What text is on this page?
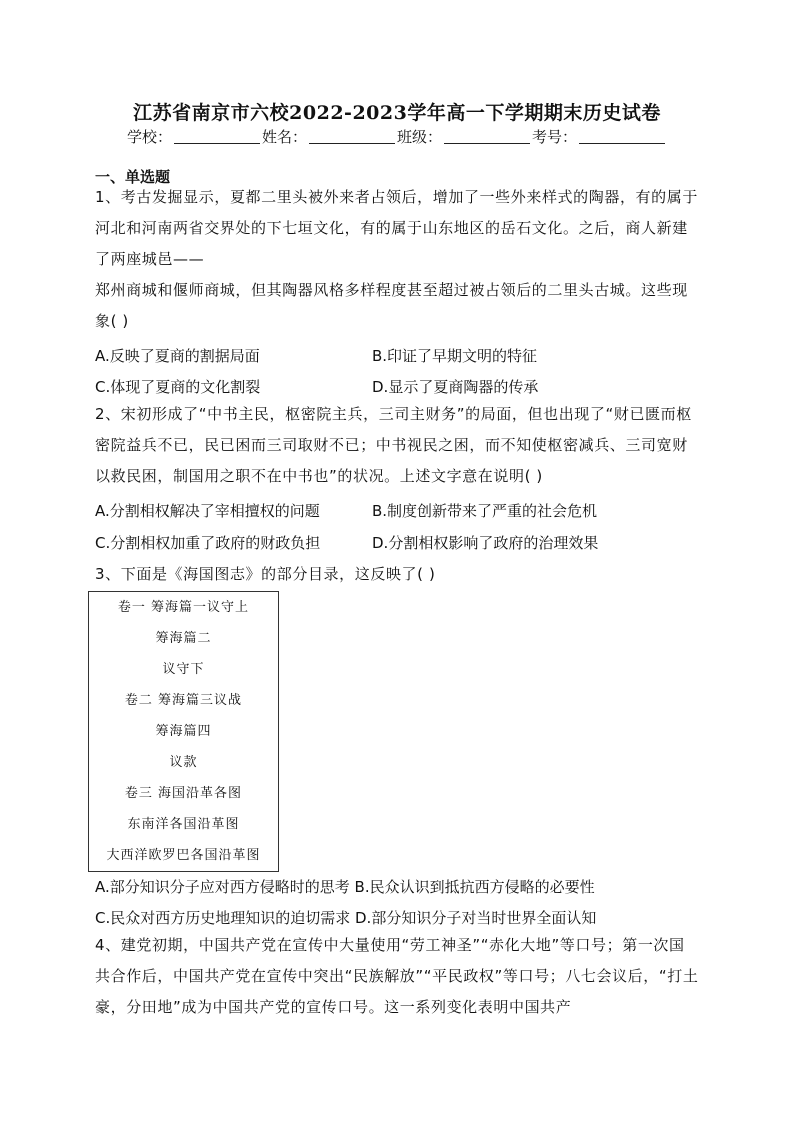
江苏省南京市六校2022-2023学年高一下学期期末历史试卷
学校：	姓名：	班级：	考号：
一、单选题
1、考古发掘显示，夏都二里头被外来者占领后，增加了一些外来样式的陶器，有的属于河北和河南两省交界处的下七垣文化，有的属于山东地区的岳石文化。之后，商人新建了两座城邑——
郑州商城和偃师商城，但其陶器风格多样程度甚至超过被占领后的二里头古城。这些现象( )
A.反映了夏商的割据局面	B.印证了早期文明的特征
C.体现了夏商的文化割裂	D.显示了夏商陶器的传承
2、宋初形成了“中书主民，枢密院主兵，三司主财务”的局面，但也出现了“财已匮而枢密院益兵不已，民已困而三司取财不已；中书视民之困，而不知使枢密减兵、三司宽财以救民困，制国用之职不在中书也”的状况。上述文字意在说明( )
A.分割相权解决了宰相擅权的问题	B.制度创新带来了严重的社会危机
C.分割相权加重了政府的财政负担	D.分割相权影响了政府的治理效果
3、下面是《海国图志》的部分目录，这反映了( )
卷一 筹海篇一议守上
筹海篇二
议守下
卷二 筹海篇三议战
筹海篇四
议款
卷三 海国沿革各图
东南洋各国沿革图
大西洋欧罗巴各国沿革图
A.部分知识分子应对西方侵略时的思考 B.民众认识到抵抗西方侵略的必要性
C.民众对西方历史地理知识的迫切需求 D.部分知识分子对当时世界全面认知
4、建党初期，中国共产党在宣传中大量使用“劳工神圣”“赤化大地”等口号；第一次国共合作后，中国共产党在宣传中突出“民族解放”“平民政权”等口号；八七会议后，“打土豪，分田地”成为中国共产党的宣传口号。这一系列变化表明中国共产
